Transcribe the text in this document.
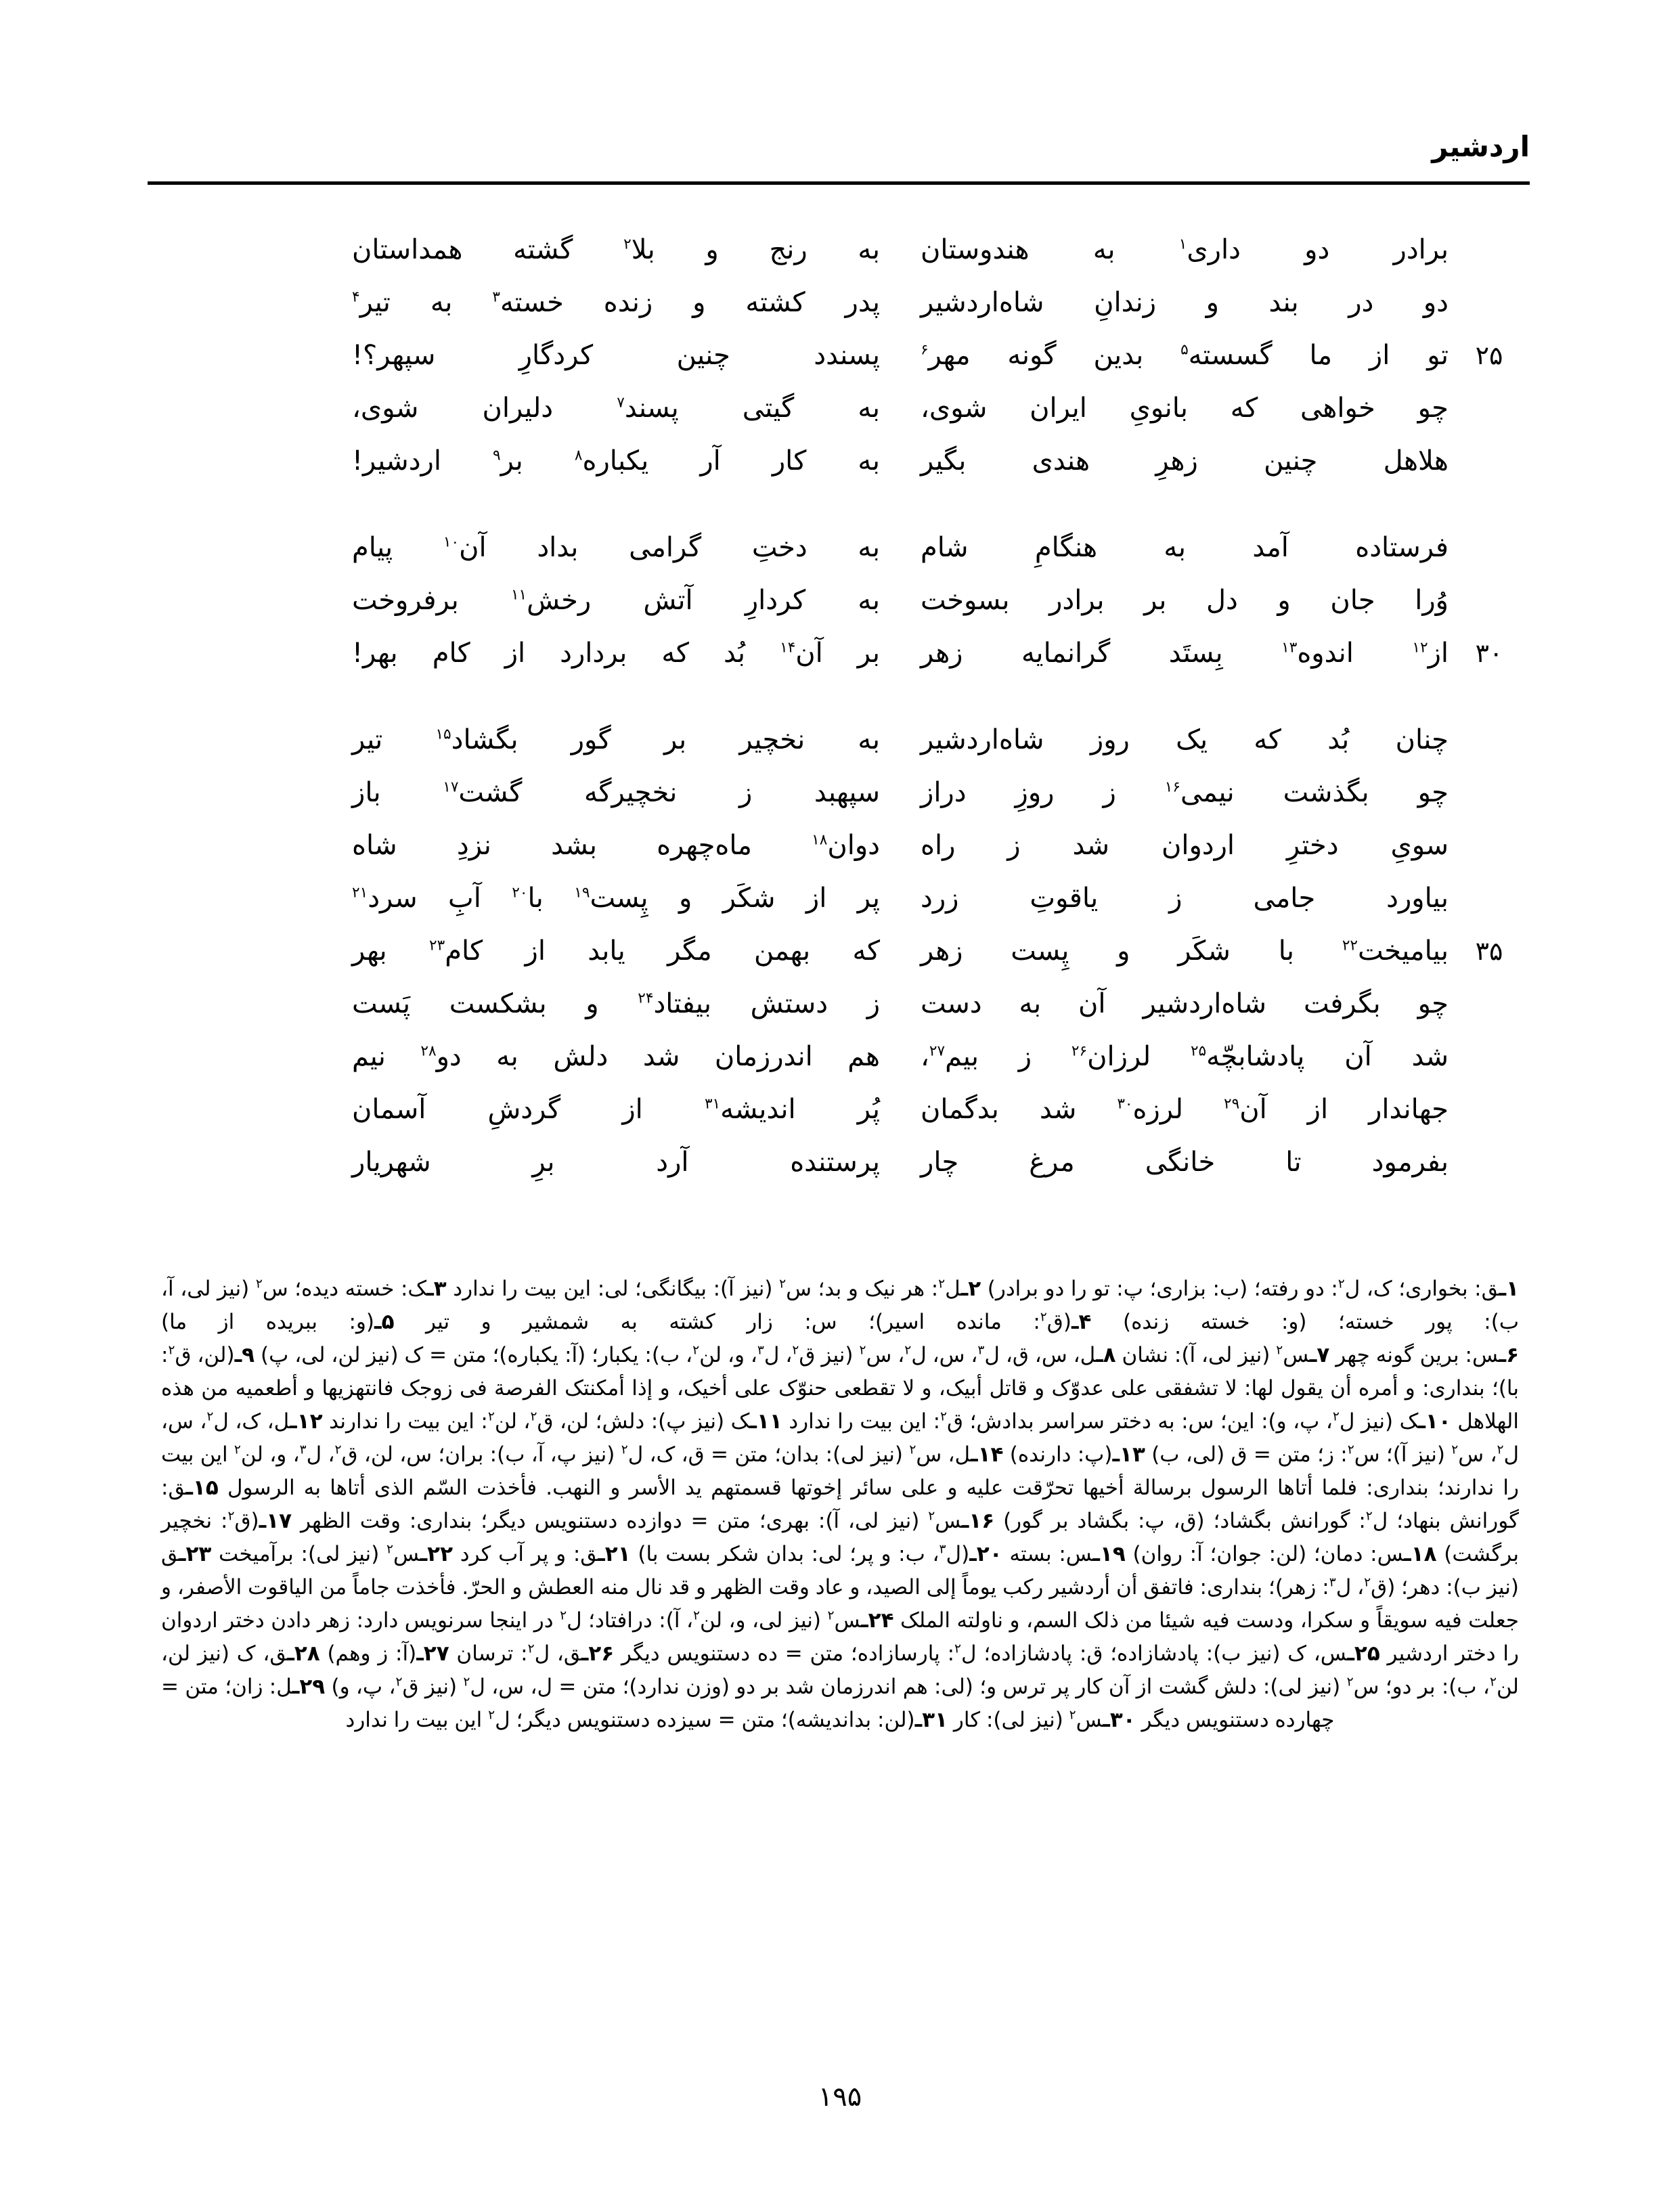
اردشیر
برادر دو داری$^۱$ به هندوستان
به رنج و بلا$^۲$ گشته همداستان
دو در بند و زندانِ شاه‌اردشیر
پدر کشته و زنده خسته$^۳$ به تیر$^۴$
۲۵
تو از ما گسسته$^۵$ بدین گونه مهر$^۶$
پسندد چنین کردگارِ سپهر؟!
چو خواهی که بانویِ ایران شوی،
به گیتی پسند$^۷$ دلیران شوی،
هلاهل چنین زهرِ هندی بگیر
به کار آر یکباره$^۸$ بر$^۹$ اردشیر!
فرستاده آمد به هنگامِ شام
به دختِ گرامی بداد آن$^{۱۰}$ پیام
وُرا جان و دل بر برادر بسوخت
به کردارِ آتش رخش$^{۱۱}$ برفروخت
۳۰
از$^{۱۲}$ اندوه$^{۱۳}$ بِستَد گرانمایه زهر
بر آن$^{۱۴}$ بُد که بردارد از کام بهر!
چنان بُد که یک روز شاه‌اردشیر
به نخچیر بر گور بگشاد$^{۱۵}$ تیر
چو بگذشت نیمی$^{۱۶}$ ز روزِ دراز
سپهبد ز نخچیرگه گشت$^{۱۷}$ باز
سویِ دخترِ اردوان شد ز راه
دوان$^{۱۸}$ ماه‌چهره بشد نزدِ شاه
بیاورد جامی ز یاقوتِ زرد
پر از شکَر و پِست$^{۱۹}$ با$^{۲۰}$ آبِ سرد$^{۲۱}$
۳۵
بیامیخت$^{۲۲}$ با شکَر و پِست زهر
که بهمن مگر یابد از کام$^{۲۳}$ بهر
چو بگرفت شاه‌اردشیر آن به دست
ز دستش بیفتاد$^{۲۴}$ و بشکست پَست
شد آن پادشابچّه$^{۲۵}$ لرزان$^{۲۶}$ ز بیم$^{۲۷}$،
هم اندرزمان شد دلش به دو$^{۲۸}$ نیم
جهاندار از آن$^{۲۹}$ لرزه$^{۳۰}$ شد بدگمان
پُر اندیشه$^{۳۱}$ از گردشِ آسمان
بفرمود تا خانگی مرغ چار
پرستنده آرد برِ شهریار

۱ـق: بخواری؛ ک، ل$^۲$: دو رفته؛ (ب: بزاری؛ پ: تو را دو برادر) ۲ـل$^۲$: هر نیک و بد؛ س$^۲$ (نیز آ): بیگانگی؛ لی: این بیت را ندارد ۳ـک: خسته دیده؛ س$^۲$ (نیز لی، آ، ب): پور خسته؛ (و: خسته زنده) ۴ـ(ق$^۲$: مانده اسیر)؛ س: زار کشته به شمشیر و تیر ۵ـ(و: ببریده از ما)

۶ـس: برین گونه چهر ۷ـس$^۲$ (نیز لی، آ): نشان ۸ـل، س، ق، ل$^۳$، س، ل$^۲$، س$^۲$ (نیز ق$^۲$، ل$^۳$، و، لن$^۲$، ب): یکبار؛ (آ: یکباره)؛ متن = ک (نیز لن، لی، پ) ۹ـ(لن، ق$^۲$: با)؛ بنداری: و أمره أن یقول لها: لا تشفقی علی عدوّک و قاتل أبیک، و لا تقطعی حنوّک علی أخیک، و إذا أمکنتک الفرصة فی زوجک فانتهزیها و أطعمیه من هذه الهلاهل ۱۰ـک (نیز ل$^۲$، پ، و): این؛ س: به دختر سراسر بدادش؛ ق$^۲$: این بیت را ندارد ۱۱ـک (نیز پ): دلش؛ لن، ق$^۲$، لن$^۲$: این بیت را ندارند ۱۲ـل، ک، ل$^۲$، س، ل$^۲$، س$^۲$ (نیز آ)؛ س$^۲$: ز؛ متن = ق (لی، ب) ۱۳ـ(پ: دارنده) ۱۴ـل، س$^۲$ (نیز لی): بدان؛ متن = ق، ک، ل$^۲$ (نیز پ، آ، ب): بران؛ س، لن، ق$^۲$، ل$^۳$، و، لن$^۲$ این بیت را ندارند؛ بنداری: فلما أتاها الرسول برسالة أخیها تحرّقت علیه و علی سائر إخوتها قسمتهم ید الأسر و النهب. فأخذت السّم الذی أتاها به الرسول ۱۵ـق: گورانش بنهاد؛ ل$^۲$: گورانش بگشاد؛ (ق، پ: بگشاد بر گور) ۱۶ـس$^۲$ (نیز لی، آ): بهری؛ متن = دوازده دستنویس دیگر؛ بنداری: وقت الظهر ۱۷ـ(ق$^۲$: نخچیر برگشت) ۱۸ـس: دمان؛ (لن: جوان؛ آ: روان) ۱۹ـس: بسته ۲۰ـ(ل$^۳$، ب: و پر؛ لی: بدان شکر بست با) ۲۱ـق: و پر آب کرد ۲۲ـس$^۲$ (نیز لی): برآمیخت ۲۳ـق (نیز ب): دهر؛ (ق$^۲$، ل$^۳$: زهر)؛ بنداری: فاتفق أن أردشیر رکب یوماً إلی الصید، و عاد وقت الظهر و قد نال منه العطش و الحرّ. فأخذت جاماً من الیاقوت الأصفر، و جعلت فیه سویقاً و سکرا، ودست فیه شیئا من ذلک السم، و ناولته الملک ۲۴ـس$^۲$ (نیز لی، و، لن$^۲$، آ): درافتاد؛ ل$^۲$ در اینجا سرنویس دارد: زهر دادن دختر اردوان را دختر اردشیر ۲۵ـس، ک (نیز ب): پادشازاده؛ ق: پادشازاده؛ ل$^۲$: پارسازاده؛ متن = ده دستنویس دیگر ۲۶ـق، ل$^۲$: ترسان ۲۷ـ(آ: ز وهم) ۲۸ـق، ک (نیز لن، لن$^۲$، ب): بر دو؛ س$^۲$ (نیز لی): دلش گشت از آن کار پر ترس و؛ (لی: هم اندرزمان شد بر دو (وزن ندارد)؛ متن = ل، س، ل$^۲$ (نیز ق$^۲$، پ، و) ۲۹ـل: زان؛ متن = چهارده دستنویس دیگر ۳۰ـس$^۲$ (نیز لی): کار ۳۱ـ(لن: بداندیشه)؛ متن = سیزده دستنویس دیگر؛ ل$^۲$ این بیت را ندارد

۱۹۵
